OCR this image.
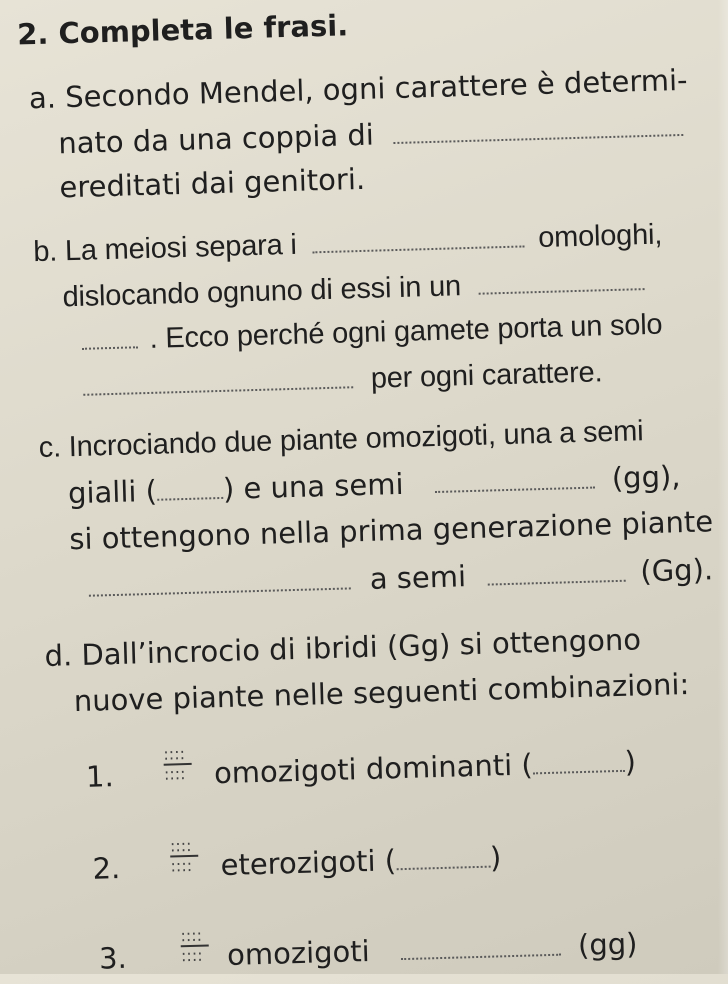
2. Completa le frasi.
a. Secondo Mendel, ogni carattere è determi-
nato da una coppia di
ereditati dai genitori.
b. La meiosi separa i	omologhi,
dislocando ognuno di essi in un
. Ecco perché ogni gamete porta un solo
per ogni carattere.
c. Incrociando due piante omozigoti, una a semi
gialli ( ) e una semi	(gg),
si ottengono nella prima generazione piante
a semi	(Gg).
d. Dall’incrocio di ibridi (Gg) si ottengono
nuove piante nelle seguenti combinazioni:
1.	omozigoti dominanti (	)
::::
::::
2.	eterozigoti (	)
::::
::::
3.	omozigoti	(gg)
::::
::::
